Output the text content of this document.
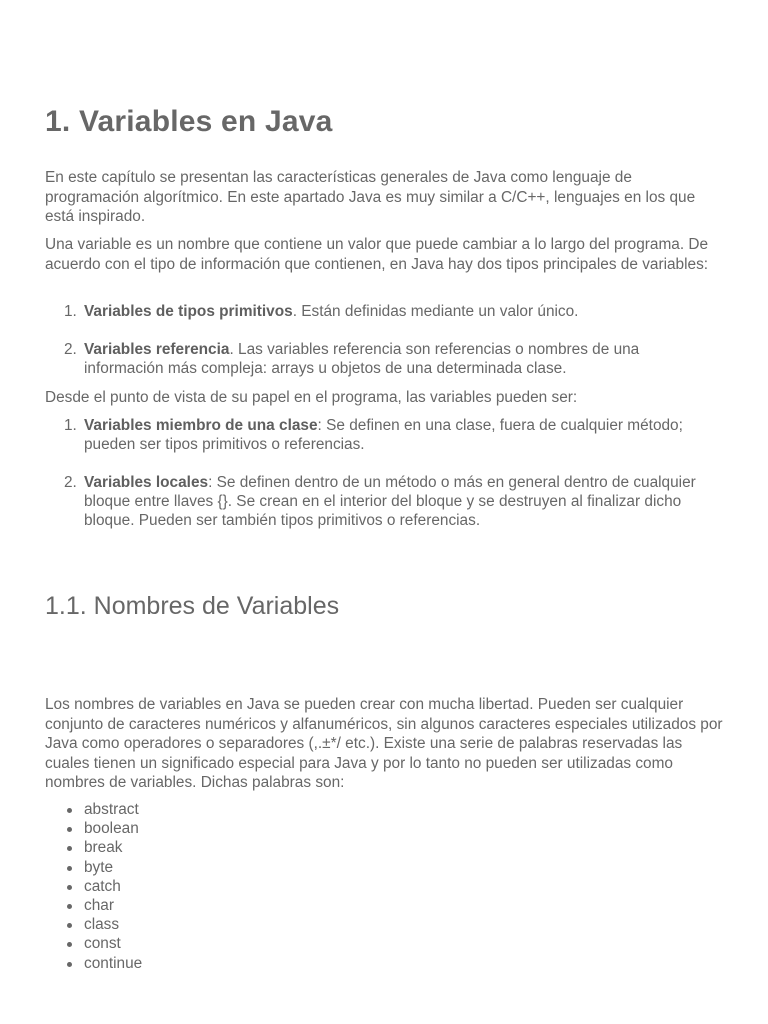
1. Variables en Java

En este capítulo se presentan las características generales de Java como lenguaje de programación algorítmico. En este apartado Java es muy similar a C/C++, lenguajes en los que está inspirado.

Una variable es un nombre que contiene un valor que puede cambiar a lo largo del programa. De acuerdo con el tipo de información que contienen, en Java hay dos tipos principales de variables:

1. Variables de tipos primitivos. Están definidas mediante un valor único.
2. Variables referencia. Las variables referencia son referencias o nombres de una información más compleja: arrays u objetos de una determinada clase.

Desde el punto de vista de su papel en el programa, las variables pueden ser:

1. Variables miembro de una clase: Se definen en una clase, fuera de cualquier método; pueden ser tipos primitivos o referencias.
2. Variables locales: Se definen dentro de un método o más en general dentro de cualquier bloque entre llaves {}. Se crean en el interior del bloque y se destruyen al finalizar dicho bloque. Pueden ser también tipos primitivos o referencias.
1.1. Nombres de Variables

Los nombres de variables en Java se pueden crear con mucha libertad. Pueden ser cualquier conjunto de caracteres numéricos y alfanuméricos, sin algunos caracteres especiales utilizados por Java como operadores o separadores (,.±*/ etc.). Existe una serie de palabras reservadas las cuales tienen un significado especial para Java y por lo tanto no pueden ser utilizadas como nombres de variables. Dichas palabras son:

abstract
boolean
break
byte
catch
char
class
const
continue
